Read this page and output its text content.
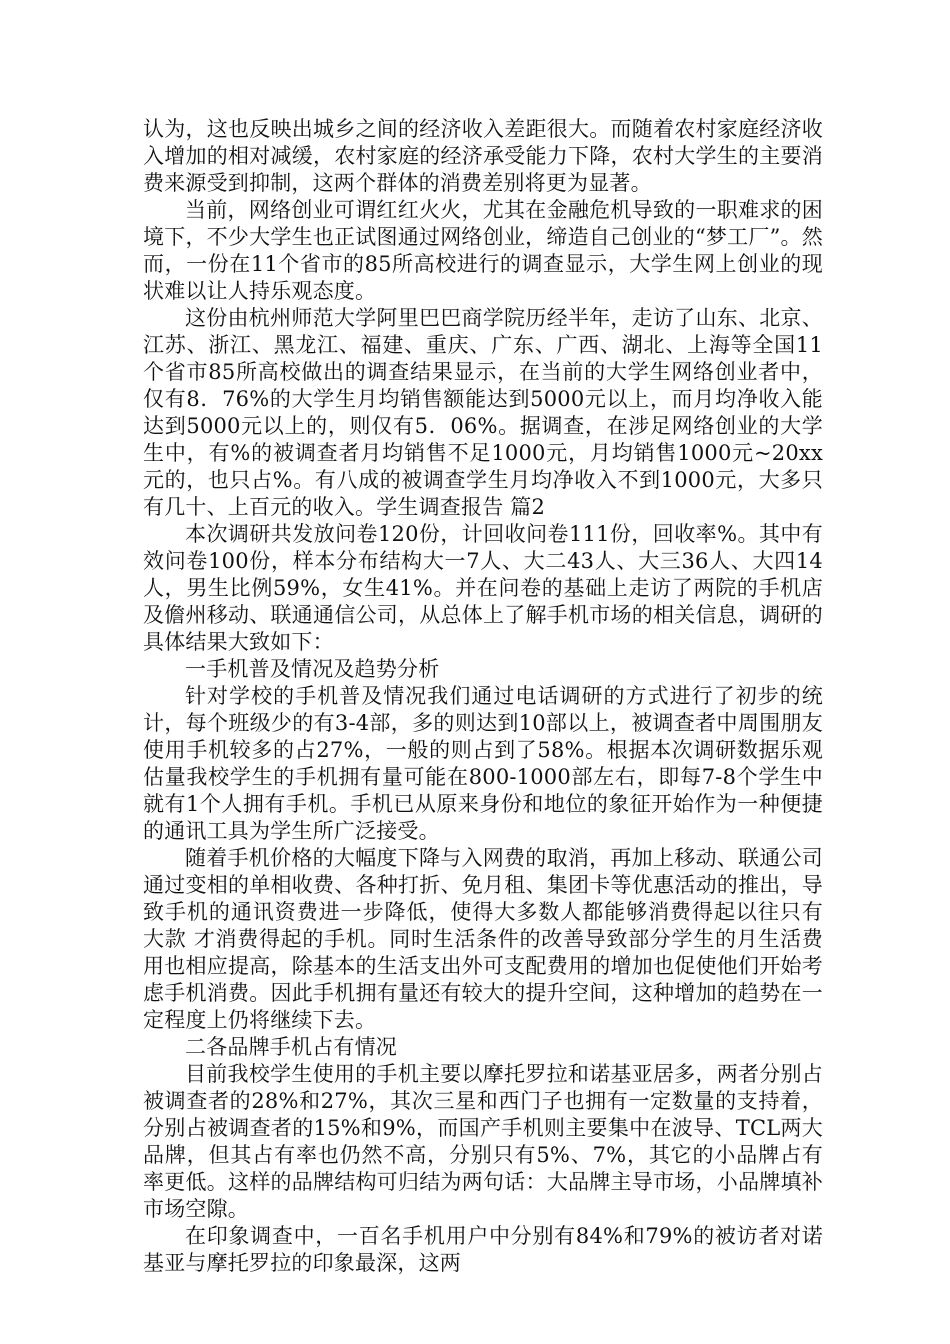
认为，这也反映出城乡之间的经济收入差距很大。而随着农村家庭经济收入增加的相对减缓，农村家庭的经济承受能力下降，农村大学生的主要消费来源受到抑制，这两个群体的消费差别将更为显著。

当前，网络创业可谓红红火火，尤其在金融危机导致的一职难求的困境下，不少大学生也正试图通过网络创业，缔造自己创业的“梦工厂”。然而，一份在11个省市的85所高校进行的调查显示，大学生网上创业的现状难以让人持乐观态度。

这份由杭州师范大学阿里巴巴商学院历经半年，走访了山东、北京、江苏、浙江、黑龙江、福建、重庆、广东、广西、湖北、上海等全国11个省市85所高校做出的调查结果显示，在当前的大学生网络创业者中，仅有8．76%的大学生月均销售额能达到5000元以上，而月均净收入能达到5000元以上的，则仅有5．06%。据调查，在涉足网络创业的大学生中，有%的被调查者月均销售不足1000元，月均销售1000元~20xx元的，也只占%。有八成的被调查学生月均净收入不到1000元，大多只有几十、上百元的收入。学生调查报告 篇2

本次调研共发放问卷120份，计回收问卷111份，回收率%。其中有效问卷100份，样本分布结构大一7人、大二43人、大三36人、大四14人，男生比例59%，女生41%。并在问卷的基础上走访了两院的手机店及儋州移动、联通通信公司，从总体上了解手机市场的相关信息，调研的具体结果大致如下：

一手机普及情况及趋势分析

针对学校的手机普及情况我们通过电话调研的方式进行了初步的统计，每个班级少的有3-4部，多的则达到10部以上，被调查者中周围朋友使用手机较多的占27%，一般的则占到了58%。根据本次调研数据乐观估量我校学生的手机拥有量可能在800-1000部左右，即每7-8个学生中就有1个人拥有手机。手机已从原来身份和地位的象征开始作为一种便捷的通讯工具为学生所广泛接受。

随着手机价格的大幅度下降与入网费的取消，再加上移动、联通公司通过变相的单相收费、各种打折、免月租、集团卡等优惠活动的推出，导致手机的通讯资费进一步降低，使得大多数人都能够消费得起以往只有 大款 才消费得起的手机。同时生活条件的改善导致部分学生的月生活费用也相应提高，除基本的生活支出外可支配费用的增加也促使他们开始考虑手机消费。因此手机拥有量还有较大的提升空间，这种增加的趋势在一定程度上仍将继续下去。

二各品牌手机占有情况

目前我校学生使用的手机主要以摩托罗拉和诺基亚居多，两者分别占被调查者的28%和27%，其次三星和西门子也拥有一定数量的支持着，分别占被调查者的15%和9%，而国产手机则主要集中在波导、TCL两大品牌，但其占有率也仍然不高，分别只有5%、7%，其它的小品牌占有率更低。这样的品牌结构可归结为两句话：大品牌主导市场，小品牌填补市场空隙。

在印象调查中，一百名手机用户中分别有84%和79%的被访者对诺基亚与摩托罗拉的印象最深，这两
